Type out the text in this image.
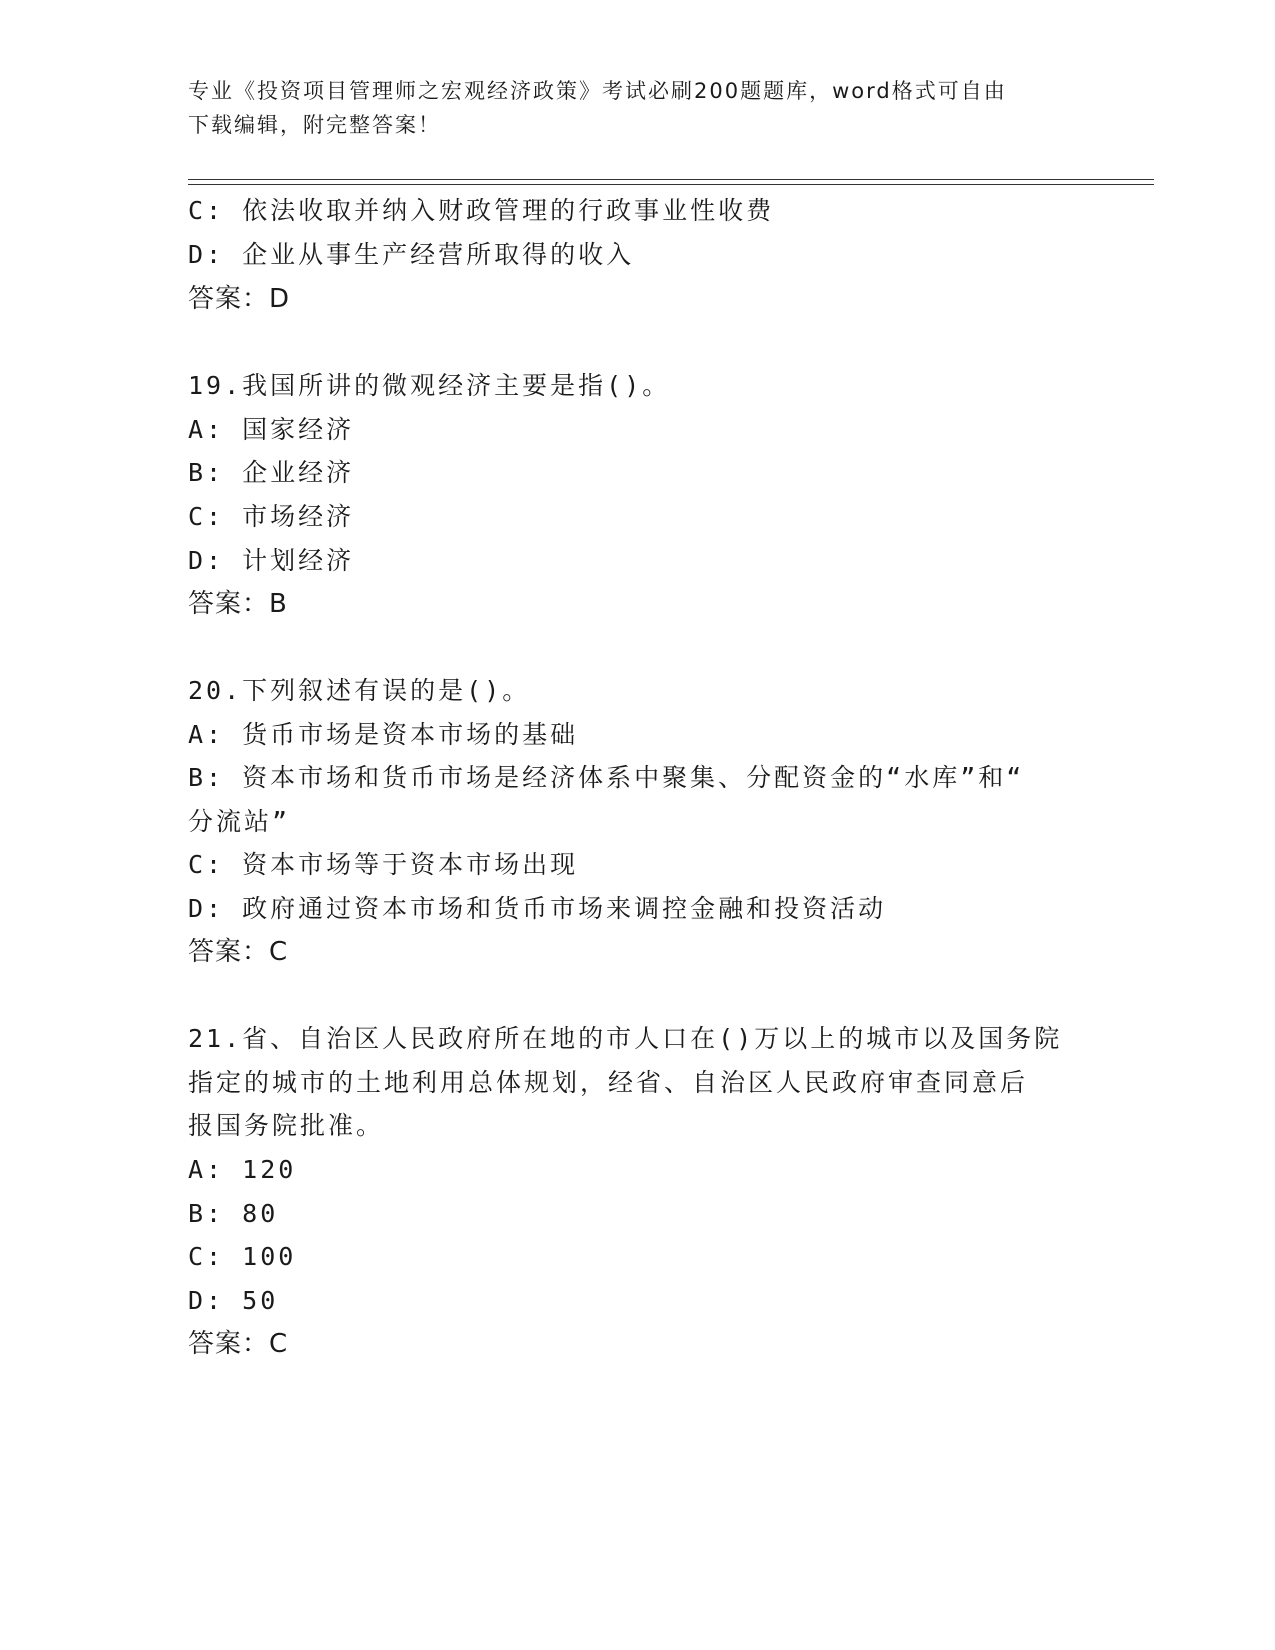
专业《投资项目管理师之宏观经济政策》考试必刷200题题库，word格式可自由
下载编辑，附完整答案！
C: 依法收取并纳入财政管理的行政事业性收费
D: 企业从事生产经营所取得的收入
答案：D
19.我国所讲的微观经济主要是指()。
A: 国家经济
B: 企业经济
C: 市场经济
D: 计划经济
答案：B
20.下列叙述有误的是()。
A: 货币市场是资本市场的基础
B: 资本市场和货币市场是经济体系中聚集、分配资金的“水库”和“
分流站”
C: 资本市场等于资本市场出现
D: 政府通过资本市场和货币市场来调控金融和投资活动
答案：C
21.省、自治区人民政府所在地的市人口在()万以上的城市以及国务院
指定的城市的土地利用总体规划，经省、自治区人民政府审查同意后
报国务院批准。
A: 120
B: 80
C: 100
D: 50
答案：C
